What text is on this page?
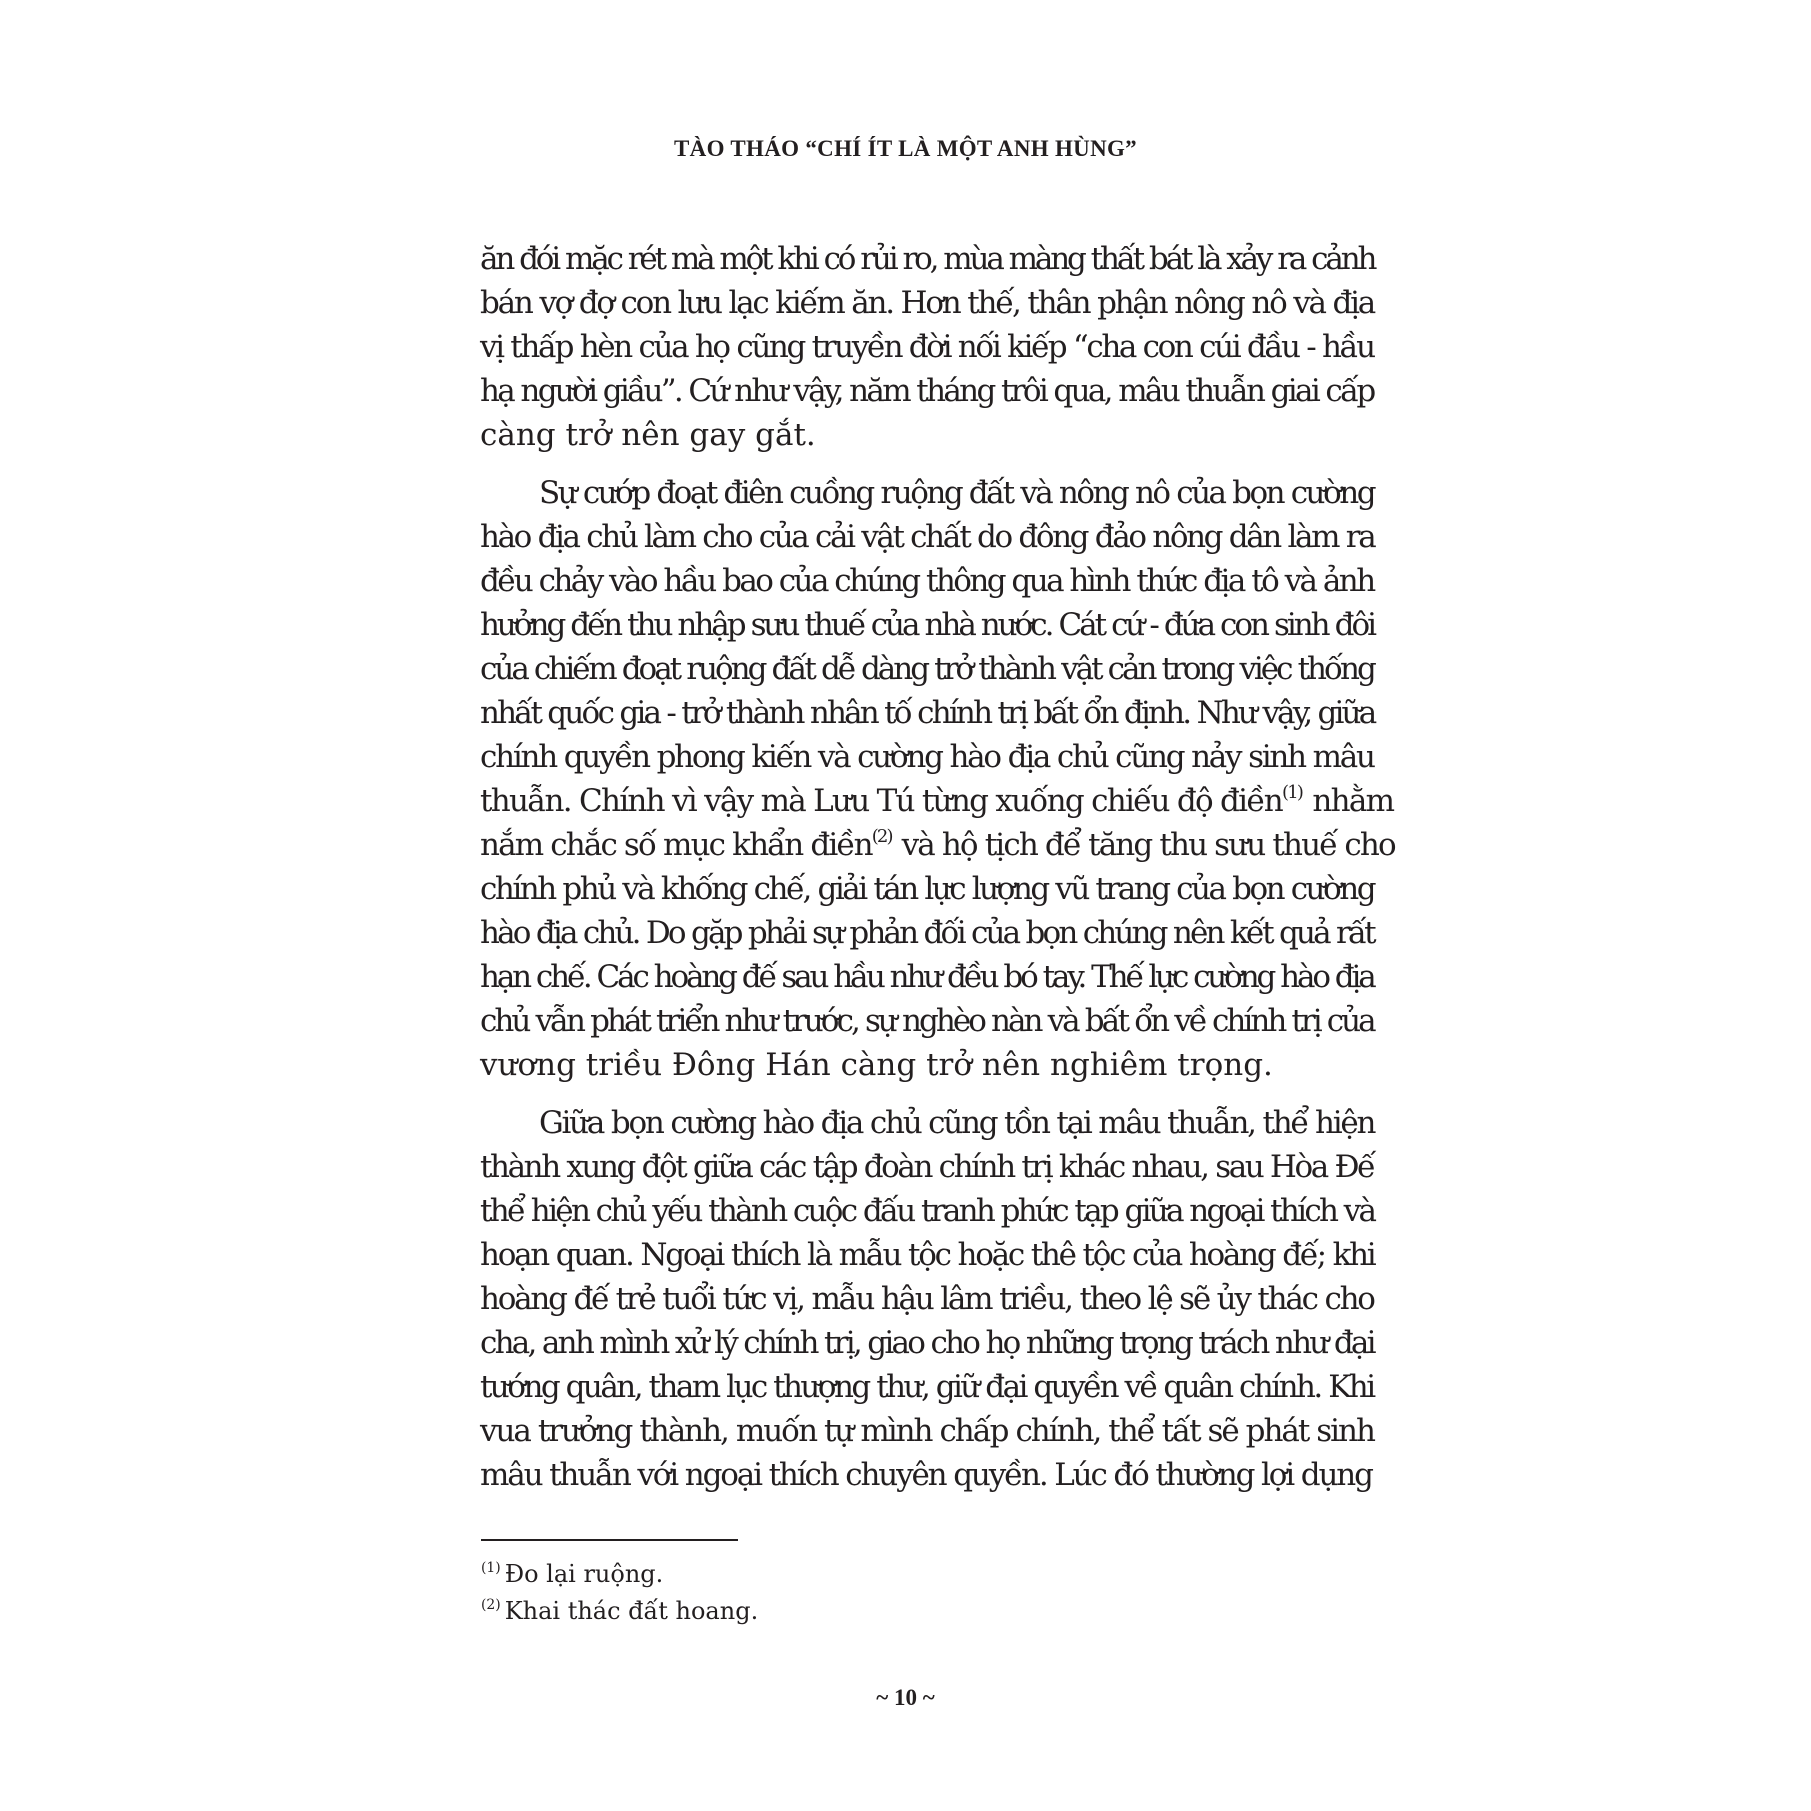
TÀO THÁO “CHÍ ÍT LÀ MỘT ANH HÙNG”
ăn đói mặc rét mà một khi có rủi ro, mùa màng thất bát là xảy ra cảnh
bán vợ đợ con lưu lạc kiếm ăn. Hơn thế, thân phận nông nô và địa
vị thấp hèn của họ cũng truyền đời nối kiếp “cha con cúi đầu - hầu
hạ người giầu”. Cứ như vậy, năm tháng trôi qua, mâu thuẫn giai cấp
càng trở nên gay gắt.
Sự cướp đoạt điên cuồng ruộng đất và nông nô của bọn cường
hào địa chủ làm cho của cải vật chất do đông đảo nông dân làm ra
đều chảy vào hầu bao của chúng thông qua hình thức địa tô và ảnh
hưởng đến thu nhập sưu thuế của nhà nước. Cát cứ - đứa con sinh đôi
của chiếm đoạt ruộng đất dễ dàng trở thành vật cản trong việc thống
nhất quốc gia - trở thành nhân tố chính trị bất ổn định. Như vậy, giữa
chính quyền phong kiến và cường hào địa chủ cũng nảy sinh mâu
thuẫn. Chính vì vậy mà Lưu Tú từng xuống chiếu độ điền$^{(1)}$ nhằm
nắm chắc số mục khẩn điền$^{(2)}$ và hộ tịch để tăng thu sưu thuế cho
chính phủ và khống chế, giải tán lực lượng vũ trang của bọn cường
hào địa chủ. Do gặp phải sự phản đối của bọn chúng nên kết quả rất
hạn chế. Các hoàng đế sau hầu như đều bó tay. Thế lực cường hào địa
chủ vẫn phát triển như trước, sự nghèo nàn và bất ổn về chính trị của
vương triều Đông Hán càng trở nên nghiêm trọng.
Giữa bọn cường hào địa chủ cũng tồn tại mâu thuẫn, thể hiện
thành xung đột giữa các tập đoàn chính trị khác nhau, sau Hòa Đế
thể hiện chủ yếu thành cuộc đấu tranh phức tạp giữa ngoại thích và
hoạn quan. Ngoại thích là mẫu tộc hoặc thê tộc của hoàng đế; khi
hoàng đế trẻ tuổi tức vị, mẫu hậu lâm triều, theo lệ sẽ ủy thác cho
cha, anh mình xử lý chính trị, giao cho họ những trọng trách như đại
tướng quân, tham lục thượng thư, giữ đại quyền về quân chính. Khi
vua trưởng thành, muốn tự mình chấp chính, thể tất sẽ phát sinh
mâu thuẫn với ngoại thích chuyên quyền. Lúc đó thường lợi dụng
$^{(1)}$ Đo lại ruộng.
$^{(2)}$ Khai thác đất hoang.
~ 10 ~
